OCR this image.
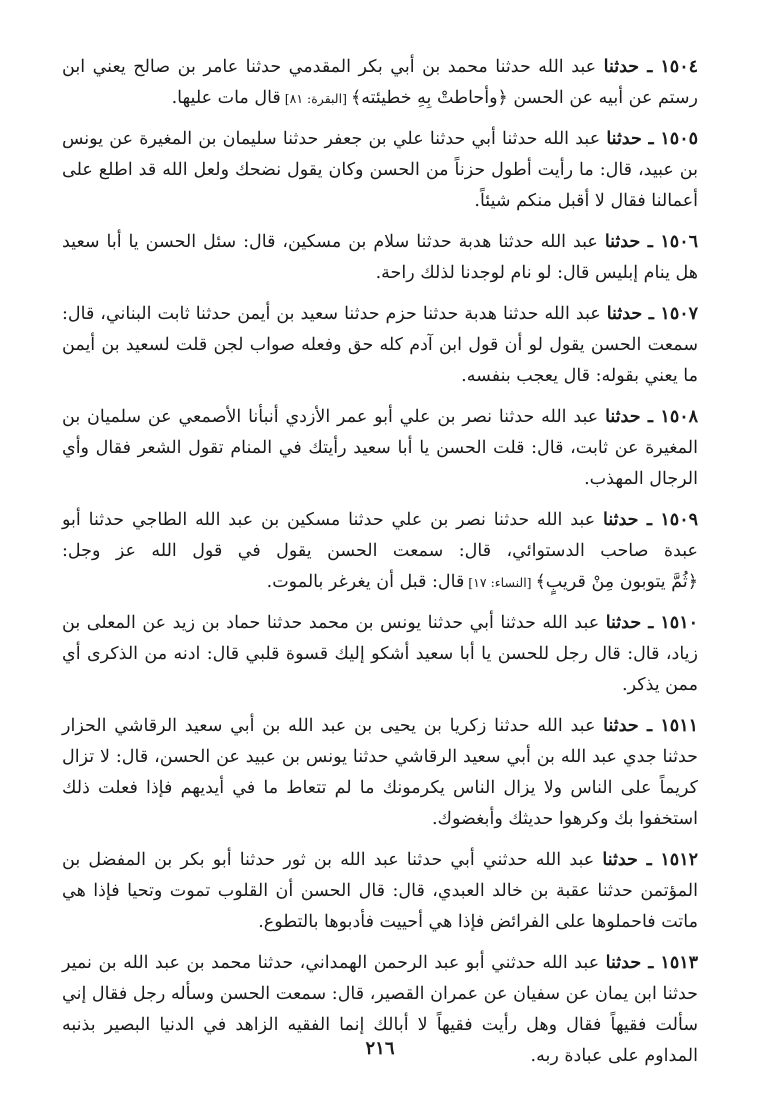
١٥٠٤ ـ حدثنا عبد الله حدثنا محمد بن أبي بكر المقدمي حدثنا عامر بن صالح يعني ابن رستم عن أبيه عن الحسن ﴿وأحاطتْ بِهِ خطيئته﴾ [البقرة: ٨١] قال مات عليها.

١٥٠٥ ـ حدثنا عبد الله حدثنا أبي حدثنا علي بن جعفر حدثنا سليمان بن المغيرة عن يونس بن عبيد، قال: ما رأيت أطول حزناً من الحسن وكان يقول نضحك ولعل الله قد اطلع على أعمالنا فقال لا أقبل منكم شيئاً.

١٥٠٦ ـ حدثنا عبد الله حدثنا هدبة حدثنا سلام بن مسكين، قال: سئل الحسن يا أبا سعيد هل ينام إبليس قال: لو نام لوجدنا لذلك راحة.

١٥٠٧ ـ حدثنا عبد الله حدثنا هدبة حدثنا حزم حدثنا سعيد بن أيمن حدثنا ثابت البناني، قال: سمعت الحسن يقول لو أن قول ابن آدم كله حق وفعله صواب لجن قلت لسعيد بن أيمن ما يعني بقوله: قال يعجب بنفسه.

١٥٠٨ ـ حدثنا عبد الله حدثنا نصر بن علي أبو عمر الأزدي أنبأنا الأصمعي عن سلميان بن المغيرة عن ثابت، قال: قلت الحسن يا أبا سعيد رأيتك في المنام تقول الشعر فقال وأي الرجال المهذب.

١٥٠٩ ـ حدثنا عبد الله حدثنا نصر بن علي حدثنا مسكين بن عبد الله الطاجي حدثنا أبو عبدة صاحب الدستوائي، قال: سمعت الحسن يقول في قول الله عز وجل: ﴿ثُمَّ يتوبون مِنْ قريبٍ﴾ [النساء: ١٧] قال: قبل أن يغرغر بالموت.

١٥١٠ ـ حدثنا عبد الله حدثنا أبي حدثنا يونس بن محمد حدثنا حماد بن زيد عن المعلى بن زياد، قال: قال رجل للحسن يا أبا سعيد أشكو إليك قسوة قلبي قال: ادنه من الذكرى أي ممن يذكر.

١٥١١ ـ حدثنا عبد الله حدثنا زكريا بن يحيى بن عبد الله بن أبي سعيد الرقاشي الحزار حدثنا جدي عبد الله بن أبي سعيد الرقاشي حدثنا يونس بن عبيد عن الحسن، قال: لا تزال كريماً على الناس ولا يزال الناس يكرمونك ما لم تتعاط ما في أيديهم فإذا فعلت ذلك استخفوا بك وكرهوا حديثك وأبغضوك.

١٥١٢ ـ حدثنا عبد الله حدثني أبي حدثنا عبد الله بن ثور حدثنا أبو بكر بن المفضل بن المؤتمن حدثنا عقبة بن خالد العبدي، قال: قال الحسن أن القلوب تموت وتحيا فإذا هي ماتت فاحملوها على الفرائض فإذا هي أحييت فأدبوها بالتطوع.

١٥١٣ ـ حدثنا عبد الله حدثني أبو عبد الرحمن الهمداني، حدثنا محمد بن عبد الله بن نمير حدثنا ابن يمان عن سفيان عن عمران القصير، قال: سمعت الحسن وسأله رجل فقال إني سألت فقيهاً فقال وهل رأيت فقيهاً لا أبالك إنما الفقيه الزاهد في الدنيا البصير بذنبه المداوم على عبادة ربه.

٢١٦
